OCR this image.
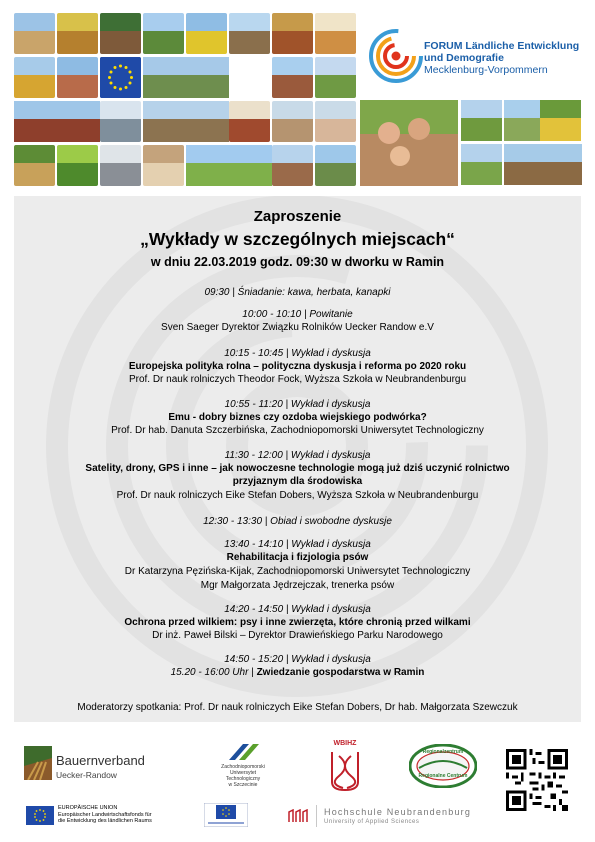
FORUM Ländliche Entwicklung
und Demografie
Mecklenburg-Vorpommern
Zaproszenie
„Wykłady w szczególnych miejscach“
w dniu 22.03.2019 godz. 09:30 w dworku w Ramin
09:30 | Śniadanie: kawa, herbata, kanapki
10:00 - 10:10 | Powitanie
Sven Saeger Dyrektor Związku Rolników Uecker Randow e.V
10:15 - 10:45 | Wykład i dyskusja
Europejska polityka rolna – polityczna dyskusja i reforma po 2020 roku
Prof. Dr nauk rolniczych Theodor Fock, Wyższa Szkoła w Neubrandenburgu
10:55 - 11:20 | Wykład i dyskusja
Emu - dobry biznes czy ozdoba wiejskiego podwórka?
Prof. Dr hab. Danuta Szczerbińska, Zachodniopomorski Uniwersytet Technologiczny
11:30 - 12:00 | Wykład i dyskusja
Satelity, drony, GPS i inne – jak nowoczesne technologie mogą już dziś uczynić rolnictwo
przyjaznym dla środowiska
Prof. Dr nauk rolniczych Eike Stefan Dobers, Wyższa Szkoła w Neubrandenburgu
12:30 - 13:30 | Obiad i swobodne dyskusje
13:40 - 14:10 | Wykład i dyskusja
Rehabilitacja i fizjologia psów
Dr Katarzyna Pęzińska-Kijak, Zachodniopomorski Uniwersytet Technologiczny
Mgr Małgorzata Jędrzejczak, trenerka psów
14:20 - 14:50 | Wykład i dyskusja
Ochrona przed wilkiem: psy i inne zwierzęta, które chronią przed wilkami
Dr inż. Paweł Bilski – Dyrektor Drawieńskiego Parku Narodowego
14:50 - 15:20 | Wykład i dyskusja
15.20 - 16:00 Uhr | Zwiedzanie gospodarstwa w Ramin
Moderatorzy spotkania: Prof. Dr nauk rolniczych Eike Stefan Dobers, Dr hab. Małgorzata Szewczuk
Bauernverband
Uecker-Randow
Zachodniopomorski
Uniwersytet
Technologiczny
w Szczecinie
WBIHZ
Regionalzentrum
Regionalne Centrum
EUROPÄISCHE UNION
Europäischer Landwirtschaftsfonds für
die Entwicklung des ländlichen Raums
Hochschule Neubrandenburg
University of Applied Sciences
